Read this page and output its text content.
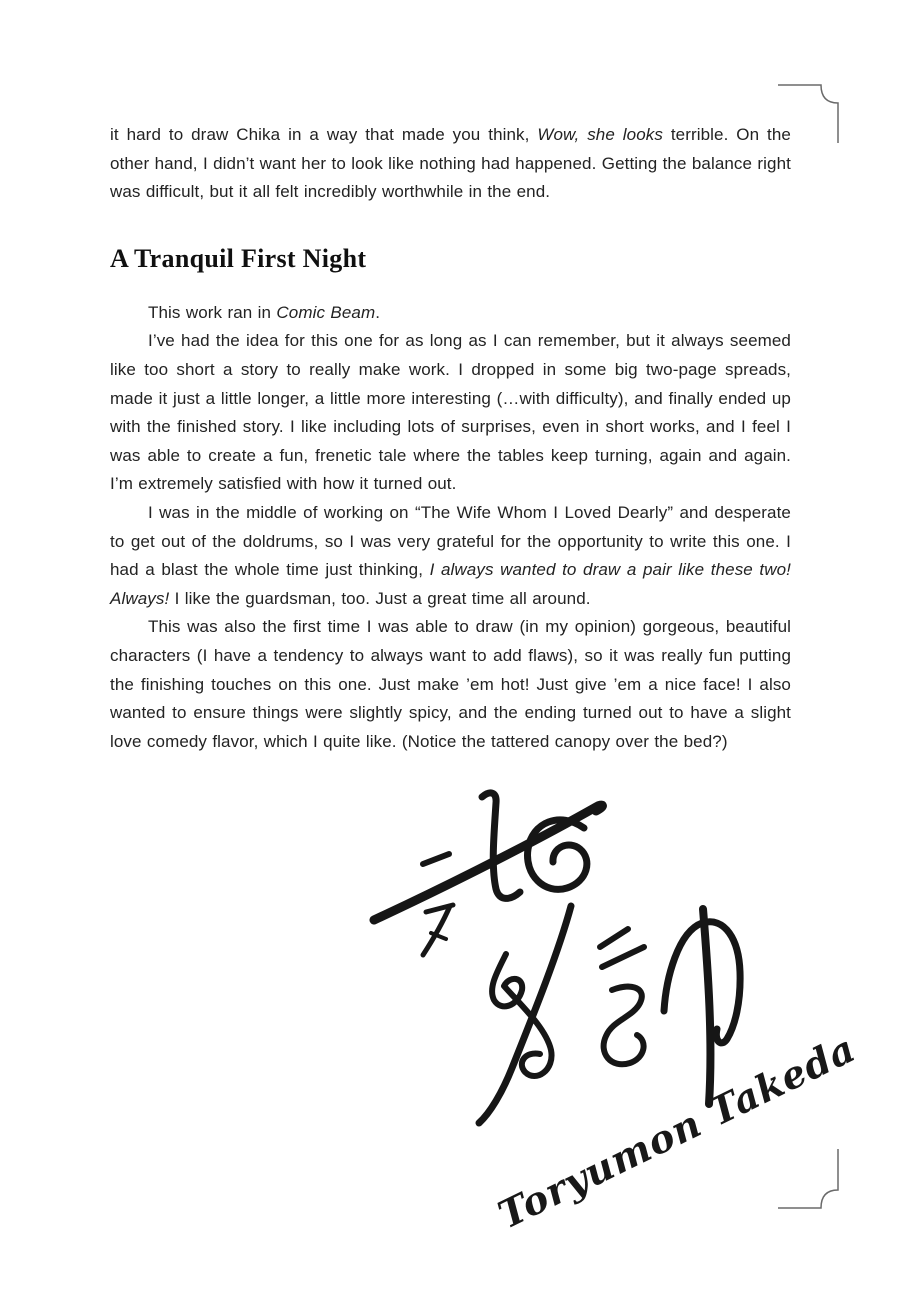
it hard to draw Chika in a way that made you think, Wow, she looks terrible. On the other hand, I didn’t want her to look like nothing had happened. Getting the balance right was difficult, but it all felt incredibly worthwhile in the end.

A Tranquil First Night

This work ran in Comic Beam.

I’ve had the idea for this one for as long as I can remember, but it always seemed like too short a story to really make work. I dropped in some big two-page spreads, made it just a little longer, a little more interesting (…with difficulty), and finally ended up with the finished story. I like including lots of surprises, even in short works, and I feel I was able to create a fun, frenetic tale where the tables keep turning, again and again. I’m extremely satisfied with how it turned out.

I was in the middle of working on “The Wife Whom I Loved Dearly” and desperate to get out of the doldrums, so I was very grateful for the opportunity to write this one. I had a blast the whole time just thinking, I always wanted to draw a pair like these two! Always! I like the guardsman, too. Just a great time all around.

This was also the first time I was able to draw (in my opinion) gorgeous, beautiful characters (I have a tendency to always want to add flaws), so it was really fun putting the finishing touches on this one. Just make ’em hot! Just give ’em a nice face! I also wanted to ensure things were slightly spicy, and the ending turned out to have a slight love comedy flavor, which I quite like. (Notice the tattered canopy over the bed?)

Toryumon Takeda
